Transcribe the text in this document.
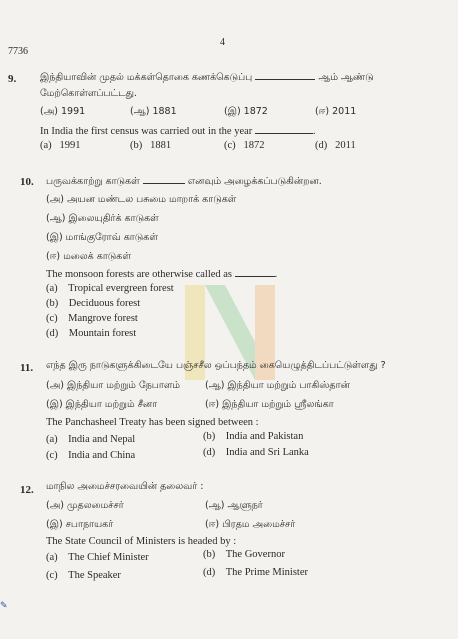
7736
4
9.	இந்தியாவின் முதல் மக்கள்தொகை கணக்கெடுப்பு	ஆம் ஆண்டு
மேற்கொள்ளப்பட்டது.
(அ) 1991	(ஆ) 1881	(இ) 1872	(ஈ) 2011
In India the first census was carried out in the year	.
(a) 1991	(b) 1881	(c) 1872	(d) 2011
10. பருவக்காற்று காடுகள்	எனவும் அழைக்கப்படுகின்றன.
(அ) அயன மண்டல பசுமை மாறாக் காடுகள்
(ஆ) இலையுதிர்க் காடுகள்
(இ) மாங்குரோவ் காடுகள்
(ஈ) மலைக் காடுகள்
The monsoon forests are otherwise called as	.
(a) Tropical evergreen forest
(b) Deciduous forest
(c) Mangrove forest
(d) Mountain forest
11. எந்த இரு நாடுகளுக்கிடையே பஞ்சசீல ஒப்பந்தம் கையெழுத்திடப்பட்டுள்ளது ?
(அ) இந்தியா மற்றும் நேபாளம்	(ஆ) இந்தியா மற்றும் பாகிஸ்தான்
(இ) இந்தியா மற்றும் சீனா	(ஈ) இந்தியா மற்றும் ஸ்ரீலங்கா
The Panchasheel Treaty has been signed between :
(a) India and Nepal	(b) India and Pakistan
(c) India and China	(d) India and Sri Lanka
12. மாநில அமைச்சரவையின் தலைவர் :
(அ) முதலமைச்சர்	(ஆ) ஆளுநர்
(இ) சபாநாயகர்	(ஈ) பிரதம அமைச்சர்
The State Council of Ministers is headed by :
(a) The Chief Minister	(b) The Governor
(c) The Speaker	(d) The Prime Minister
✎
